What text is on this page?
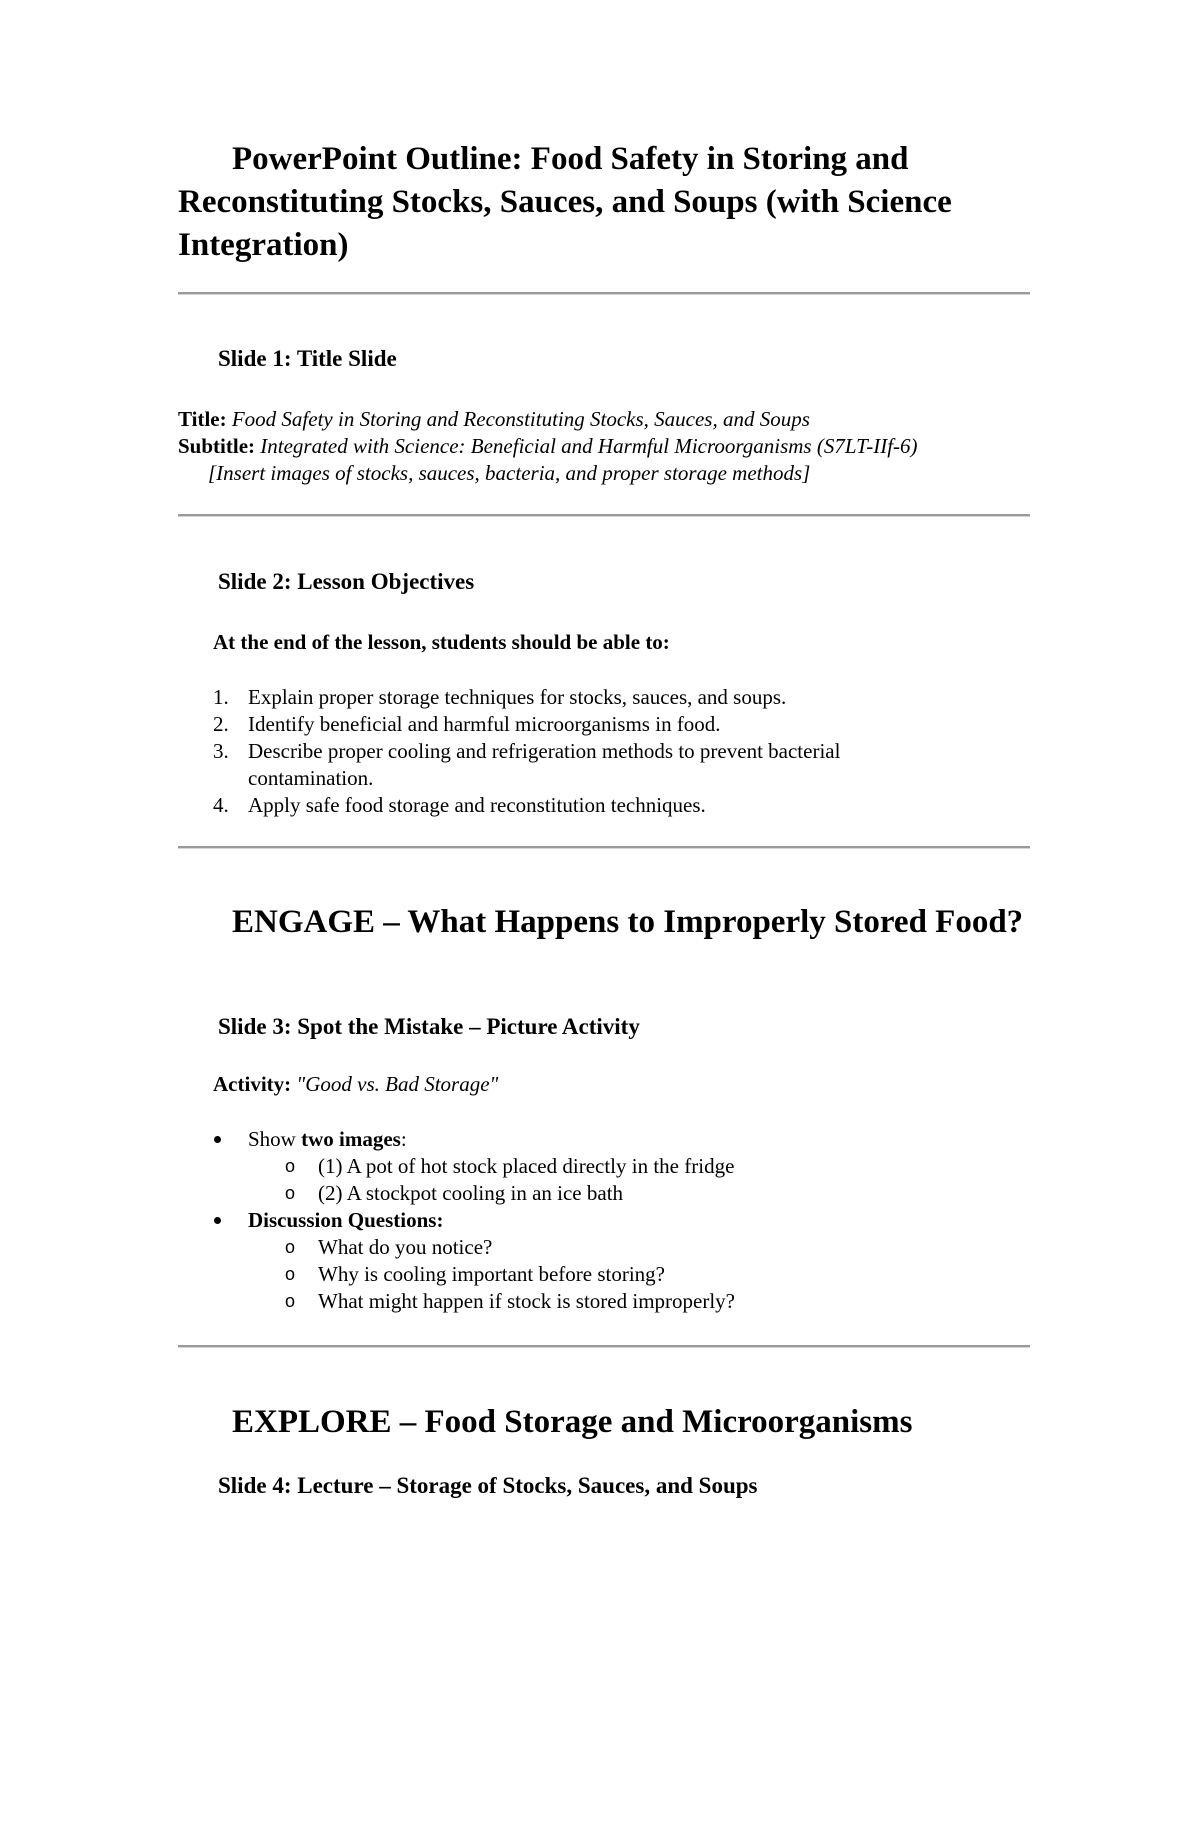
PowerPoint Outline: Food Safety in Storing and Reconstituting Stocks, Sauces, and Soups (with Science Integration)
Slide 1: Title Slide

Title: Food Safety in Storing and Reconstituting Stocks, Sauces, and Soups

Subtitle: Integrated with Science: Beneficial and Harmful Microorganisms (S7LT-IIf-6)

[Insert images of stocks, sauces, bacteria, and proper storage methods]

Slide 2: Lesson Objectives

At the end of the lesson, students should be able to:

1. Explain proper storage techniques for stocks, sauces, and soups.

2. Identify beneficial and harmful microorganisms in food.

3. Describe proper cooling and refrigeration methods to prevent bacterial

contamination.

4. Apply safe food storage and reconstitution techniques.

ENGAGE – What Happens to Improperly Stored Food?
Slide 3: Spot the Mistake – Picture Activity

Activity: "Good vs. Bad Storage"

Show two images:

o (1) A pot of hot stock placed directly in the fridge

o (2) A stockpot cooling in an ice bath

Discussion Questions:

o What do you notice?

o Why is cooling important before storing?

o What might happen if stock is stored improperly?

EXPLORE – Food Storage and Microorganisms
Slide 4: Lecture – Storage of Stocks, Sauces, and Soups
